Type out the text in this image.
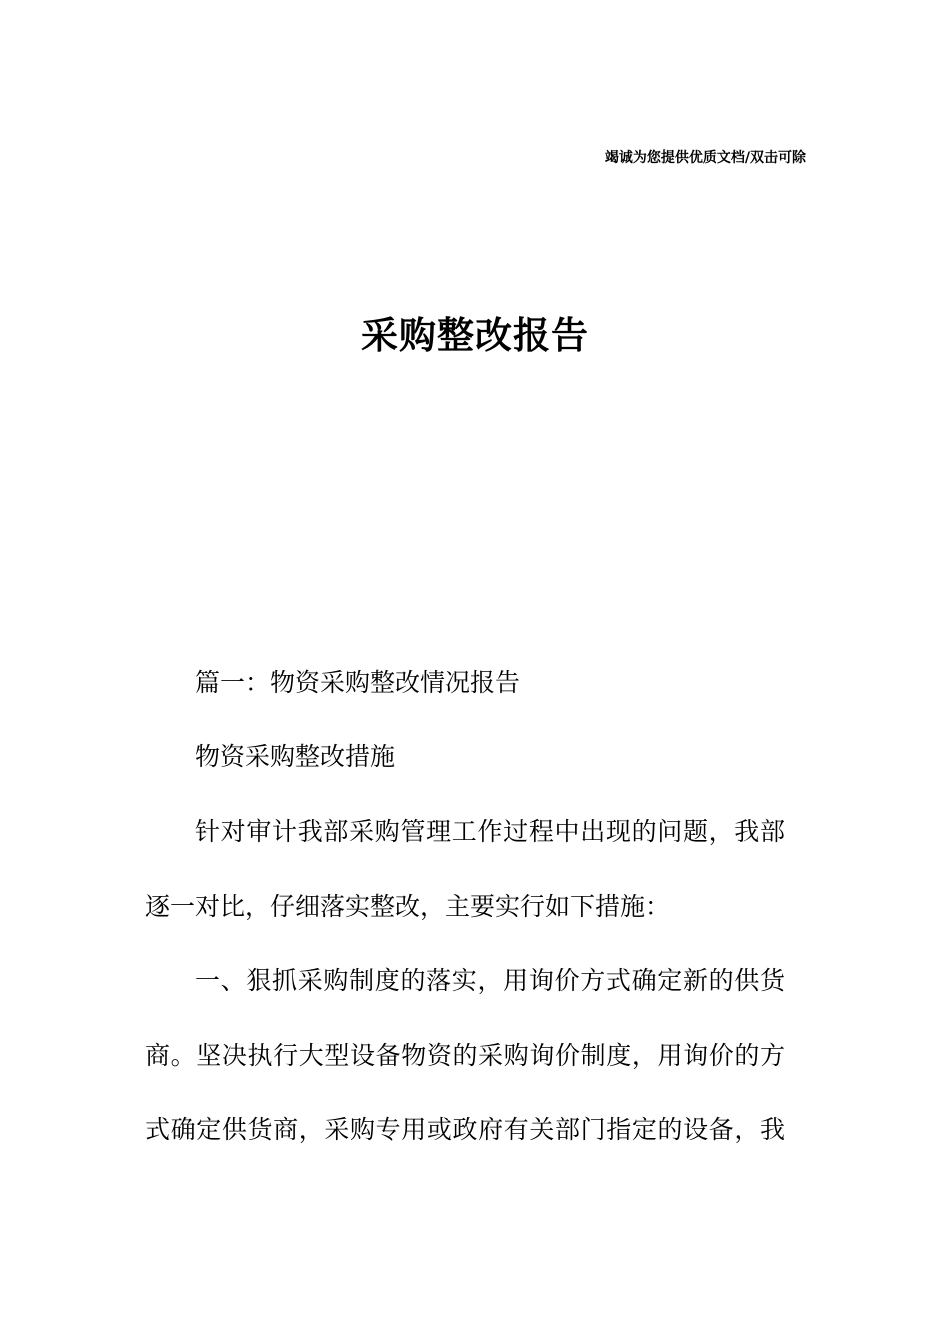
竭诚为您提供优质文档/双击可除
采购整改报告
篇一：物资采购整改情况报告
物资采购整改措施
针对审计我部采购管理工作过程中出现的问题，我部
逐一对比，仔细落实整改，主要实行如下措施：
一、狠抓采购制度的落实，用询价方式确定新的供货
商。坚决执行大型设备物资的采购询价制度，用询价的方
式确定供货商，采购专用或政府有关部门指定的设备，我
